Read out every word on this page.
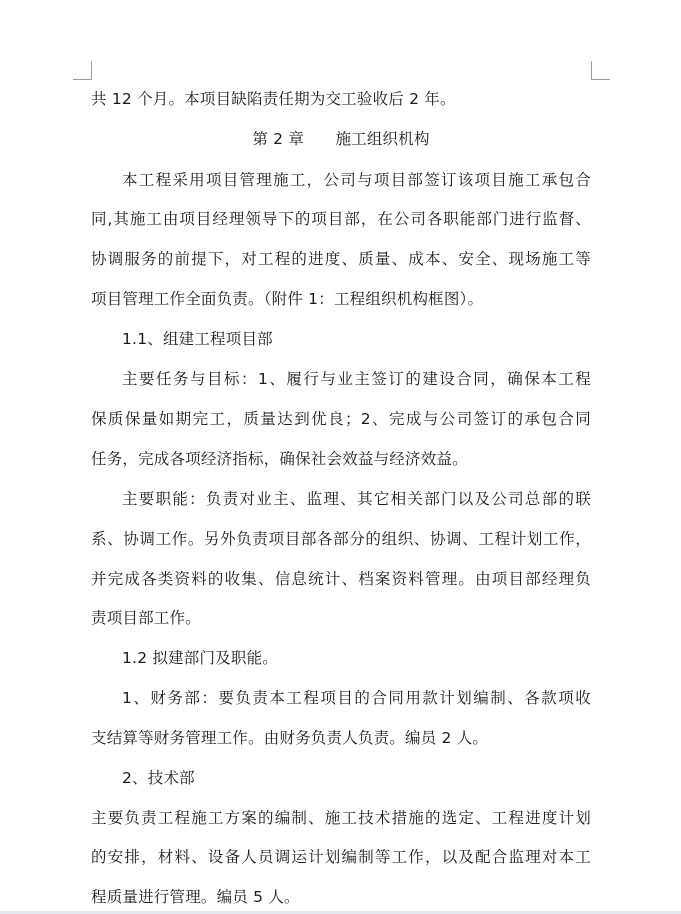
共 12 个月。本项目缺陷责任期为交工验收后 2 年。
第 2 章　　施工组织机构
本工程采用项目管理施工，公司与项目部签订该项目施工承包合
同,其施工由项目经理领导下的项目部，在公司各职能部门进行监督、
协调服务的前提下，对工程的进度、质量、成本、安全、现场施工等
项目管理工作全面负责。（附件 1：工程组织机构框图）。
1.1、组建工程项目部
主要任务与目标：1、履行与业主签订的建设合同，确保本工程
保质保量如期完工，质量达到优良；2、完成与公司签订的承包合同
任务，完成各项经济指标，确保社会效益与经济效益。
主要职能：负责对业主、监理、其它相关部门以及公司总部的联
系、协调工作。另外负责项目部各部分的组织、协调、工程计划工作，
并完成各类资料的收集、信息统计、档案资料管理。由项目部经理负
责项目部工作。
1.2 拟建部门及职能。
1、财务部：要负责本工程项目的合同用款计划编制、各款项收
支结算等财务管理工作。由财务负责人负责。编员 2 人。
2、技术部
主要负责工程施工方案的编制、施工技术措施的选定、工程进度计划
的安排，材料、设备人员调运计划编制等工作，以及配合监理对本工
程质量进行管理。编员 5 人。
